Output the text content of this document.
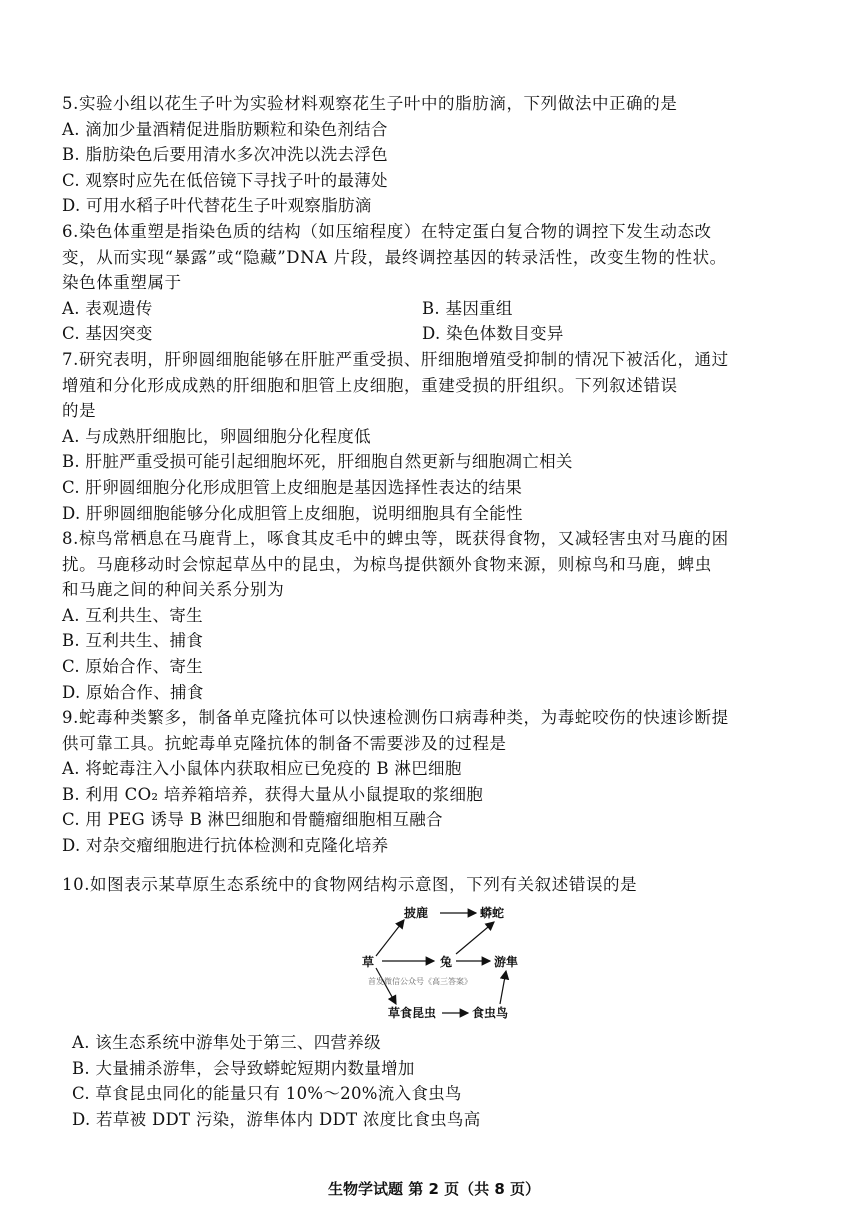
5.实验小组以花生子叶为实验材料观察花生子叶中的脂肪滴，下列做法中正确的是
A. 滴加少量酒精促进脂肪颗粒和染色剂结合
B. 脂肪染色后要用清水多次冲洗以洗去浮色
C. 观察时应先在低倍镜下寻找子叶的最薄处
D. 可用水稻子叶代替花生子叶观察脂肪滴
6.染色体重塑是指染色质的结构（如压缩程度）在特定蛋白复合物的调控下发生动态改
变，从而实现“暴露”或“隐藏”DNA 片段，最终调控基因的转录活性，改变生物的性状。
染色体重塑属于
A. 表观遗传	B. 基因重组
C. 基因突变	D. 染色体数目变异
7.研究表明，肝卵圆细胞能够在肝脏严重受损、肝细胞增殖受抑制的情况下被活化，通过
增殖和分化形成成熟的肝细胞和胆管上皮细胞，重建受损的肝组织。下列叙述错误
的是
A. 与成熟肝细胞比，卵圆细胞分化程度低
B. 肝脏严重受损可能引起细胞坏死，肝细胞自然更新与细胞凋亡相关
C. 肝卵圆细胞分化形成胆管上皮细胞是基因选择性表达的结果
D. 肝卵圆细胞能够分化成胆管上皮细胞，说明细胞具有全能性
8.椋鸟常栖息在马鹿背上，啄食其皮毛中的蜱虫等，既获得食物，又减轻害虫对马鹿的困
扰。马鹿移动时会惊起草丛中的昆虫，为椋鸟提供额外食物来源，则椋鸟和马鹿，蜱虫
和马鹿之间的种间关系分别为
A. 互利共生、寄生
B. 互利共生、捕食
C. 原始合作、寄生
D. 原始合作、捕食
9.蛇毒种类繁多，制备单克隆抗体可以快速检测伤口病毒种类，为毒蛇咬伤的快速诊断提
供可靠工具。抗蛇毒单克隆抗体的制备不需要涉及的过程是
A. 将蛇毒注入小鼠体内获取相应已免疫的 B 淋巴细胞
B. 利用 CO₂ 培养箱培养，获得大量从小鼠提取的浆细胞
C. 用 PEG 诱导 B 淋巴细胞和骨髓瘤细胞相互融合
D. 对杂交瘤细胞进行抗体检测和克隆化培养
10.如图表示某草原生态系统中的食物网结构示意图，下列有关叙述错误的是
披鹿	蟒蛇
草	兔	游隼
首发微信公众号《高三答案》
草食昆虫	食虫鸟
A. 该生态系统中游隼处于第三、四营养级
B. 大量捕杀游隼，会导致蟒蛇短期内数量增加
C. 草食昆虫同化的能量只有 10%～20%流入食虫鸟
D. 若草被 DDT 污染，游隼体内 DDT 浓度比食虫鸟高
生物学试题 第 2 页（共 8 页）
